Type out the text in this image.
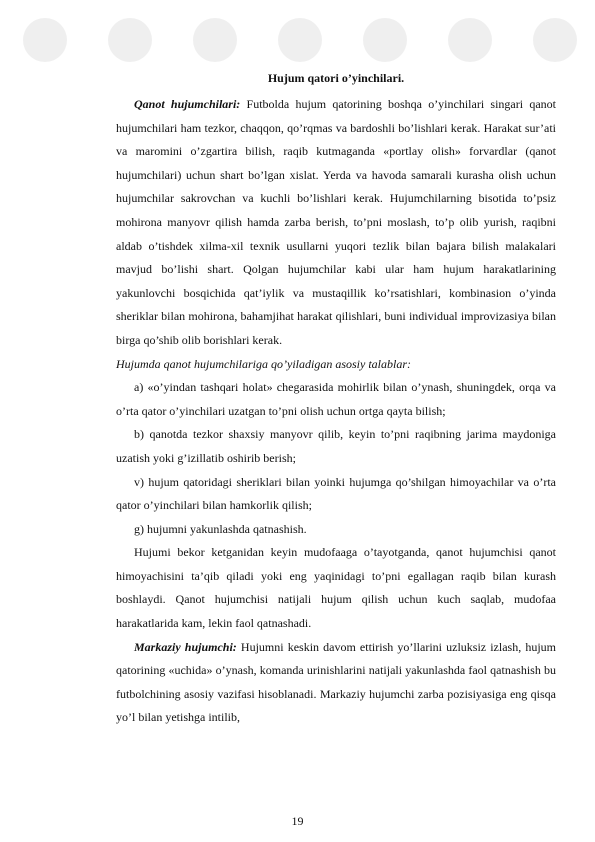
Hujum qatori o’yinchilari.

Qanot hujumchilari: Futbolda hujum qatorining boshqa o’yinchilari singari qanot hujumchilari ham tezkor, chaqqon, qo’rqmas va bardoshli bo’lishlari kerak. Harakat sur’ati va maromini o’zgartira bilish, raqib kutmaganda «portlay olish» forvardlar (qanot hujumchilari) uchun shart bo’lgan xislat. Yerda va havoda samarali kurasha olish uchun hujumchilar sakrovchan va kuchli bo’lishlari kerak. Hujumchilarning bisotida to’psiz mohirona manyovr qilish hamda zarba berish, to’pni moslash, to’p olib yurish, raqibni aldab o’tishdek xilma-xil texnik usullarni yuqori tezlik bilan bajara bilish malakalari mavjud bo’lishi shart. Qolgan hujumchilar kabi ular ham hujum harakatlarining yakunlovchi bosqichida qat’iylik va mustaqillik ko’rsatishlari, kombinasion o’yinda sheriklar bilan mohirona, bahamjihat harakat qilishlari, buni individual improvizasiya bilan birga qo’shib olib borishlari kerak.

Hujumda qanot hujumchilariga qo’yiladigan asosiy talablar:

a) «o’yindan tashqari holat» chegarasida mohirlik bilan o’ynash, shuningdek, orqa va o’rta qator o’yinchilari uzatgan to’pni olish uchun ortga qayta bilish;

b) qanotda tezkor shaxsiy manyovr qilib, keyin to’pni raqibning jarima maydoniga uzatish yoki g’izillatib oshirib berish;

v) hujum qatoridagi sheriklari bilan yoinki hujumga qo’shilgan himoyachilar va o’rta qator o’yinchilari bilan hamkorlik qilish;

g) hujumni yakunlashda qatnashish.

Hujumi bekor ketganidan keyin mudofaaga o’tayotganda, qanot hujumchisi qanot himoyachisini ta’qib qiladi yoki eng yaqinidagi to’pni egallagan raqib bilan kurash boshlaydi. Qanot hujumchisi natijali hujum qilish uchun kuch saqlab, mudofaa harakatlarida kam, lekin faol qatnashadi.

Markaziy hujumchi: Hujumni keskin davom ettirish yo’llarini uzluksiz izlash, hujum qatorining «uchida» o’ynash, komanda urinishlarini natijali yakunlashda faol qatnashish bu futbolchining asosiy vazifasi hisoblanadi. Markaziy hujumchi zarba pozisiyasiga eng qisqa yo’l bilan yetishga intilib,

19
